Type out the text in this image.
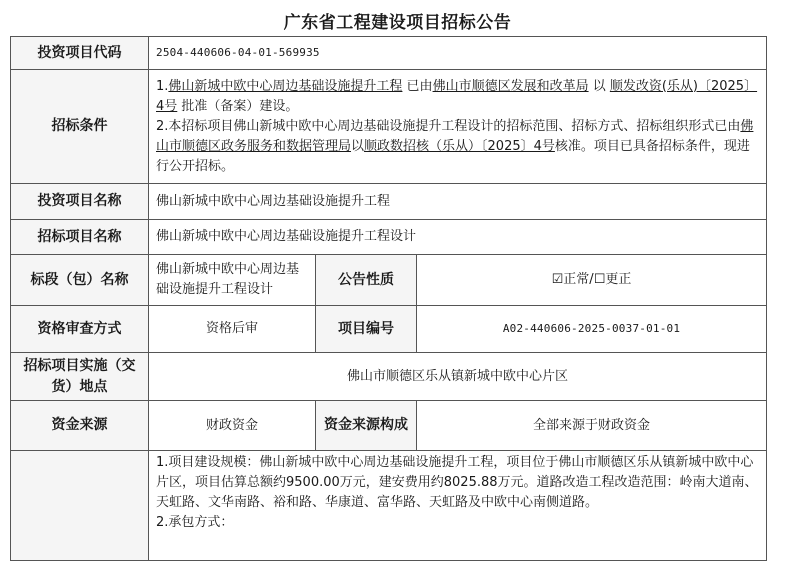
广东省工程建设项目招标公告
投资项目代码	2504-440606-04-01-569935		
招标条件	1.佛山新城中欧中心周边基础设施提升工程 已由佛山市顺德区发展和改革局 以 顺发改资(乐从)〔2025〕4号 批准（备案）建设。

2.本招标项目佛山新城中欧中心周边基础设施提升工程设计的招标范围、招标方式、招标组织形式已由佛山市顺德区政务服务和数据管理局以顺政数招核（乐从）〔2025〕4号核准。项目已具备招标条件，现进行公开招标。		

投资项目名称	佛山新城中欧中心周边基础设施提升工程		
招标项目名称	佛山新城中欧中心周边基础设施提升工程设计		
标段（包）名称	佛山新城中欧中心周边基础设施提升工程设计	公告性质	☑正常/☐更正
资格审查方式	资格后审	项目编号	A02-440606-2025-0037-01-01
招标项目实施（交货）地点	佛山市顺德区乐从镇新城中欧中心片区		
资金来源	财政资金	资金来源构成	全部来源于财政资金

	1.项目建设规模：佛山新城中欧中心周边基础设施提升工程，项目位于佛山市顺德区乐从镇新城中欧中心片区，项目估算总额约9500.00万元，建安费用约8025.88万元。道路改造工程改造范围：岭南大道南、天虹路、文华南路、裕和路、华康道、富华路、天虹路及中欧中心南侧道路。

2.承包方式：		
